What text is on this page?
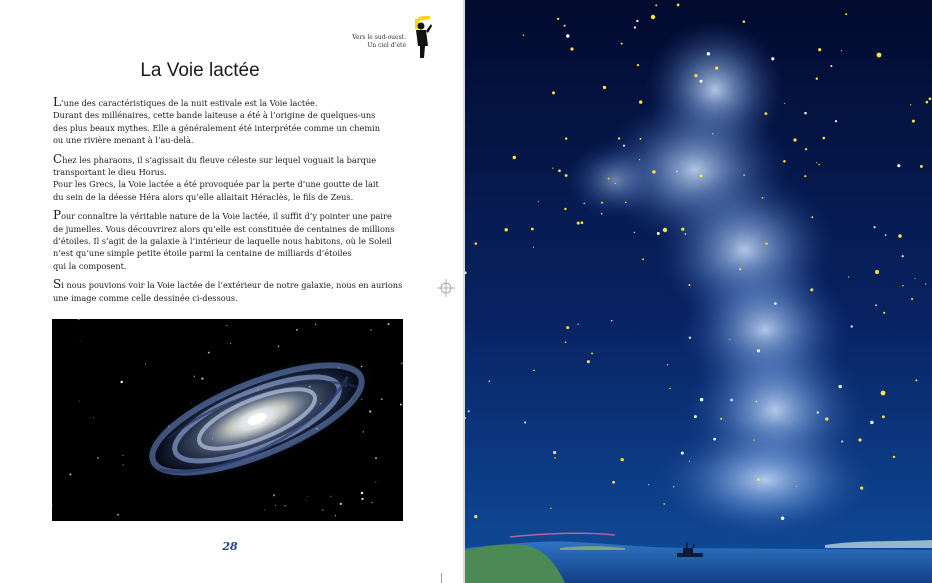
Vers le sud-ouest.
Un ciel d’été
La Voie lactée

L’une des caractéristiques de la nuit estivale est la Voie lactée.
Durant des millénaires, cette bande laiteuse a été à l’origine de quelques-uns
des plus beaux mythes. Elle a généralement été interprétée comme un chemin
ou une rivière menant à l’au-delà.

Chez les pharaons, il s’agissait du fleuve céleste sur lequel voguait la barque
transportant le dieu Horus.
Pour les Grecs, la Voie lactée a été provoquée par la perte d’une goutte de lait
du sein de la déesse Héra alors qu’elle allaitait Héraclès, le fils de Zeus.

Pour connaître la véritable nature de la Voie lactée, il suffit d’y pointer une paire
de jumelles. Vous découvrirez alors qu’elle est constituée de centaines de millions
d’étoiles. Il s’agit de la galaxie à l’intérieur de laquelle nous habitons, où le Soleil
n’est qu’une simple petite étoile parmi la centaine de milliards d’étoiles
qui la composent.

Si nous pouvions voir la Voie lactée de l’extérieur de notre galaxie, nous en aurions
une image comme celle dessinée ci-dessous.

28
